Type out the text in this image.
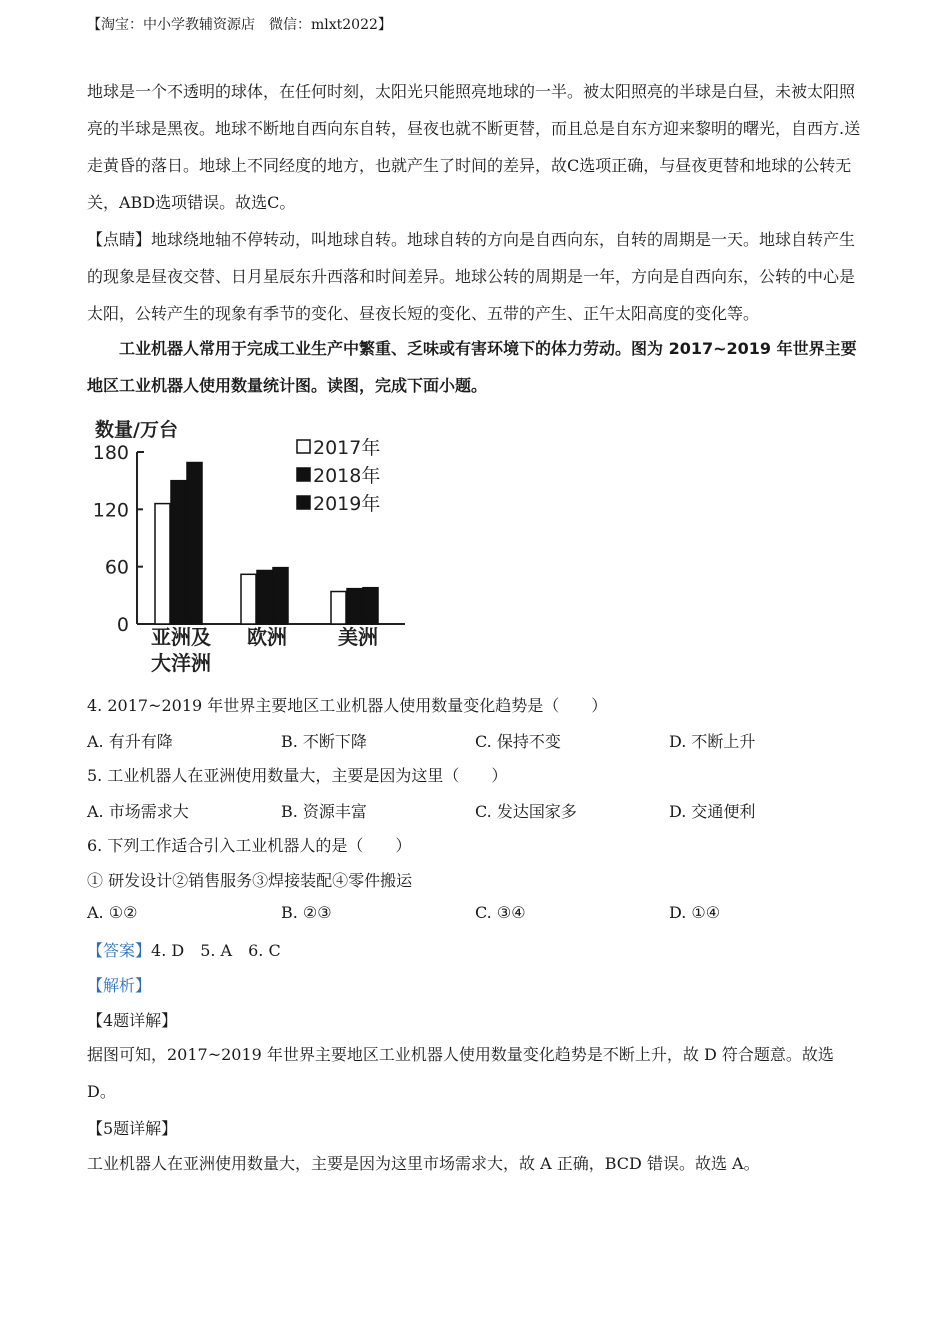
【淘宝：中小学教辅资源店　微信：mlxt2022】

地球是一个不透明的球体，在任何时刻，太阳光只能照亮地球的一半。被太阳照亮的半球是白昼，未被太阳照亮的半球是黑夜。地球不断地自西向东自转，昼夜也就不断更替，而且总是自东方迎来黎明的曙光，自西方.送走黄昏的落日。地球上不同经度的地方，也就产生了时间的差异，故C选项正确，与昼夜更替和地球的公转无关，ABD选项错误。故选C。

【点睛】地球绕地轴不停转动，叫地球自转。地球自转的方向是自西向东，自转的周期是一天。地球自转产生的现象是昼夜交替、日月星辰东升西落和时间差异。地球公转的周期是一年，方向是自西向东，公转的中心是太阳，公转产生的现象有季节的变化、昼夜长短的变化、五带的产生、正午太阳高度的变化等。

工业机器人常用于完成工业生产中繁重、乏味或有害环境下的体力劳动。图为 2017~2019 年世界主要地区工业机器人使用数量统计图。读图，完成下面小题。

数量/万台
0
60
120
180
亚洲及
大洋洲
欧洲	美洲
2017年
2018年
2019年
4. 2017~2019 年世界主要地区工业机器人使用数量变化趋势是（　　）
A. 有升有降	B. 不断下降	C. 保持不变	D. 不断上升
5. 工业机器人在亚洲使用数量大，主要是因为这里（　　）
A. 市场需求大	B. 资源丰富	C. 发达国家多	D. 交通便利
6. 下列工作适合引入工业机器人的是（　　）
① 研发设计②销售服务③焊接装配④零件搬运
A. ①②	B. ②③	C. ③④	D. ①④
【答案】4. D　5. A　6. C
【解析】
【4题详解】

据图可知，2017~2019 年世界主要地区工业机器人使用数量变化趋势是不断上升，故 D 符合题意。故选 D。

【5题详解】
工业机器人在亚洲使用数量大，主要是因为这里市场需求大，故 A 正确，BCD 错误。故选 A。
